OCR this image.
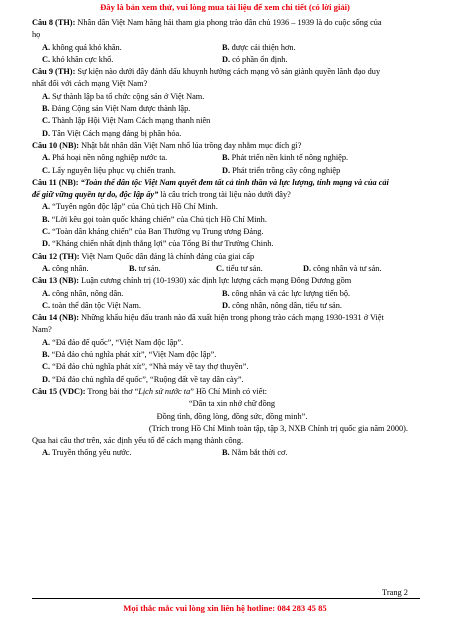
Đây là bản xem thử, vui lòng mua tài liệu để xem chi tiết (có lời giải)
Câu 8 (TH): Nhân dân Việt Nam hăng hái tham gia phong trào dân chủ 1936 – 1939 là do cuộc sống của
họ
A. không quá khó khăn.	B. được cải thiện hơn.
C. khó khăn cực khổ.	D. có phần ổn định.
Câu 9 (TH): Sự kiện nào dưới đây đánh dấu khuynh hướng cách mạng vô sản giành quyền lãnh đạo duy
nhất đối với cách mạng Việt Nam?
A. Sự thành lập ba tổ chức cộng sản ở Việt Nam.
B. Đảng Cộng sản Việt Nam được thành lập.
C. Thành lập Hội Việt Nam Cách mạng thanh niên
D. Tân Việt Cách mạng đảng bị phân hóa.
Câu 10 (NB): Nhật bắt nhân dân Việt Nam nhổ lúa trồng đay nhằm mục đích gì?
A. Phá hoại nền nông nghiệp nước ta.	B. Phát triển nền kinh tế nông nghiệp.
C. Lấy nguyên liệu phục vụ chiến tranh.	D. Phát triển trồng cây công nghiệp
Câu 11 (NB): “Toàn thể dân tộc Việt Nam quyết đem tất cả tinh thần và lực lượng, tính mạng và của cải
để giữ vững quyền tự do, độc lập ấy” là câu trích trong tài liệu nào dưới đây?
A. “Tuyên ngôn độc lập” của Chủ tịch Hồ Chí Minh.
B. “Lời kêu gọi toàn quốc kháng chiến” của Chủ tịch Hồ Chí Minh.
C. “Toàn dân kháng chiến” của Ban Thường vụ Trung ương Đảng.
D. “Kháng chiến nhất định thắng lợi” của Tổng Bí thư Trường Chinh.
Câu 12 (TH): Việt Nam Quốc dân đảng là chính đảng của giai cấp
A. công nhân.	B. tư sản.	C. tiểu tư sản.	D. công nhân và tư sản.
Câu 13 (NB): Luận cương chính trị (10-1930) xác định lực lượng cách mạng Đông Dương gồm
A. công nhân, nông dân.	B. công nhân và các lực lượng tiến bộ.
C. toàn thể dân tộc Việt Nam.	D. công nhân, nông dân, tiểu tư sản.
Câu 14 (NB): Những khẩu hiệu đấu tranh nào đã xuất hiện trong phong trào cách mạng 1930-1931 ở Việt
Nam?
A. “Đả đảo đế quốc”, “Việt Nam độc lập”.
B. “Đả đảo chủ nghĩa phát xít”, “Việt Nam độc lập”.
C. “Đả đảo chủ nghĩa phát xít”, “Nhà máy về tay thợ thuyền”.
D. “Đả đảo chủ nghĩa đế quốc”, “Ruộng đất về tay dân cày”.
Câu 15 (VDC): Trong bài thơ “Lịch sử nước ta” Hồ Chí Minh có viết:
“Dân ta xin nhớ chữ đồng
Đồng tình, đồng lòng, đồng sức, đồng minh”.
(Trích trong Hồ Chí Minh toàn tập, tập 3, NXB Chính trị quốc gia năm 2000).
Qua hai câu thơ trên, xác định yếu tố để cách mạng thành công.
A. Truyền thống yêu nước.	B. Nắm bắt thời cơ.
Trang 2
Mọi thắc mắc vui lòng xin liên hệ hotline: 084 283 45 85
